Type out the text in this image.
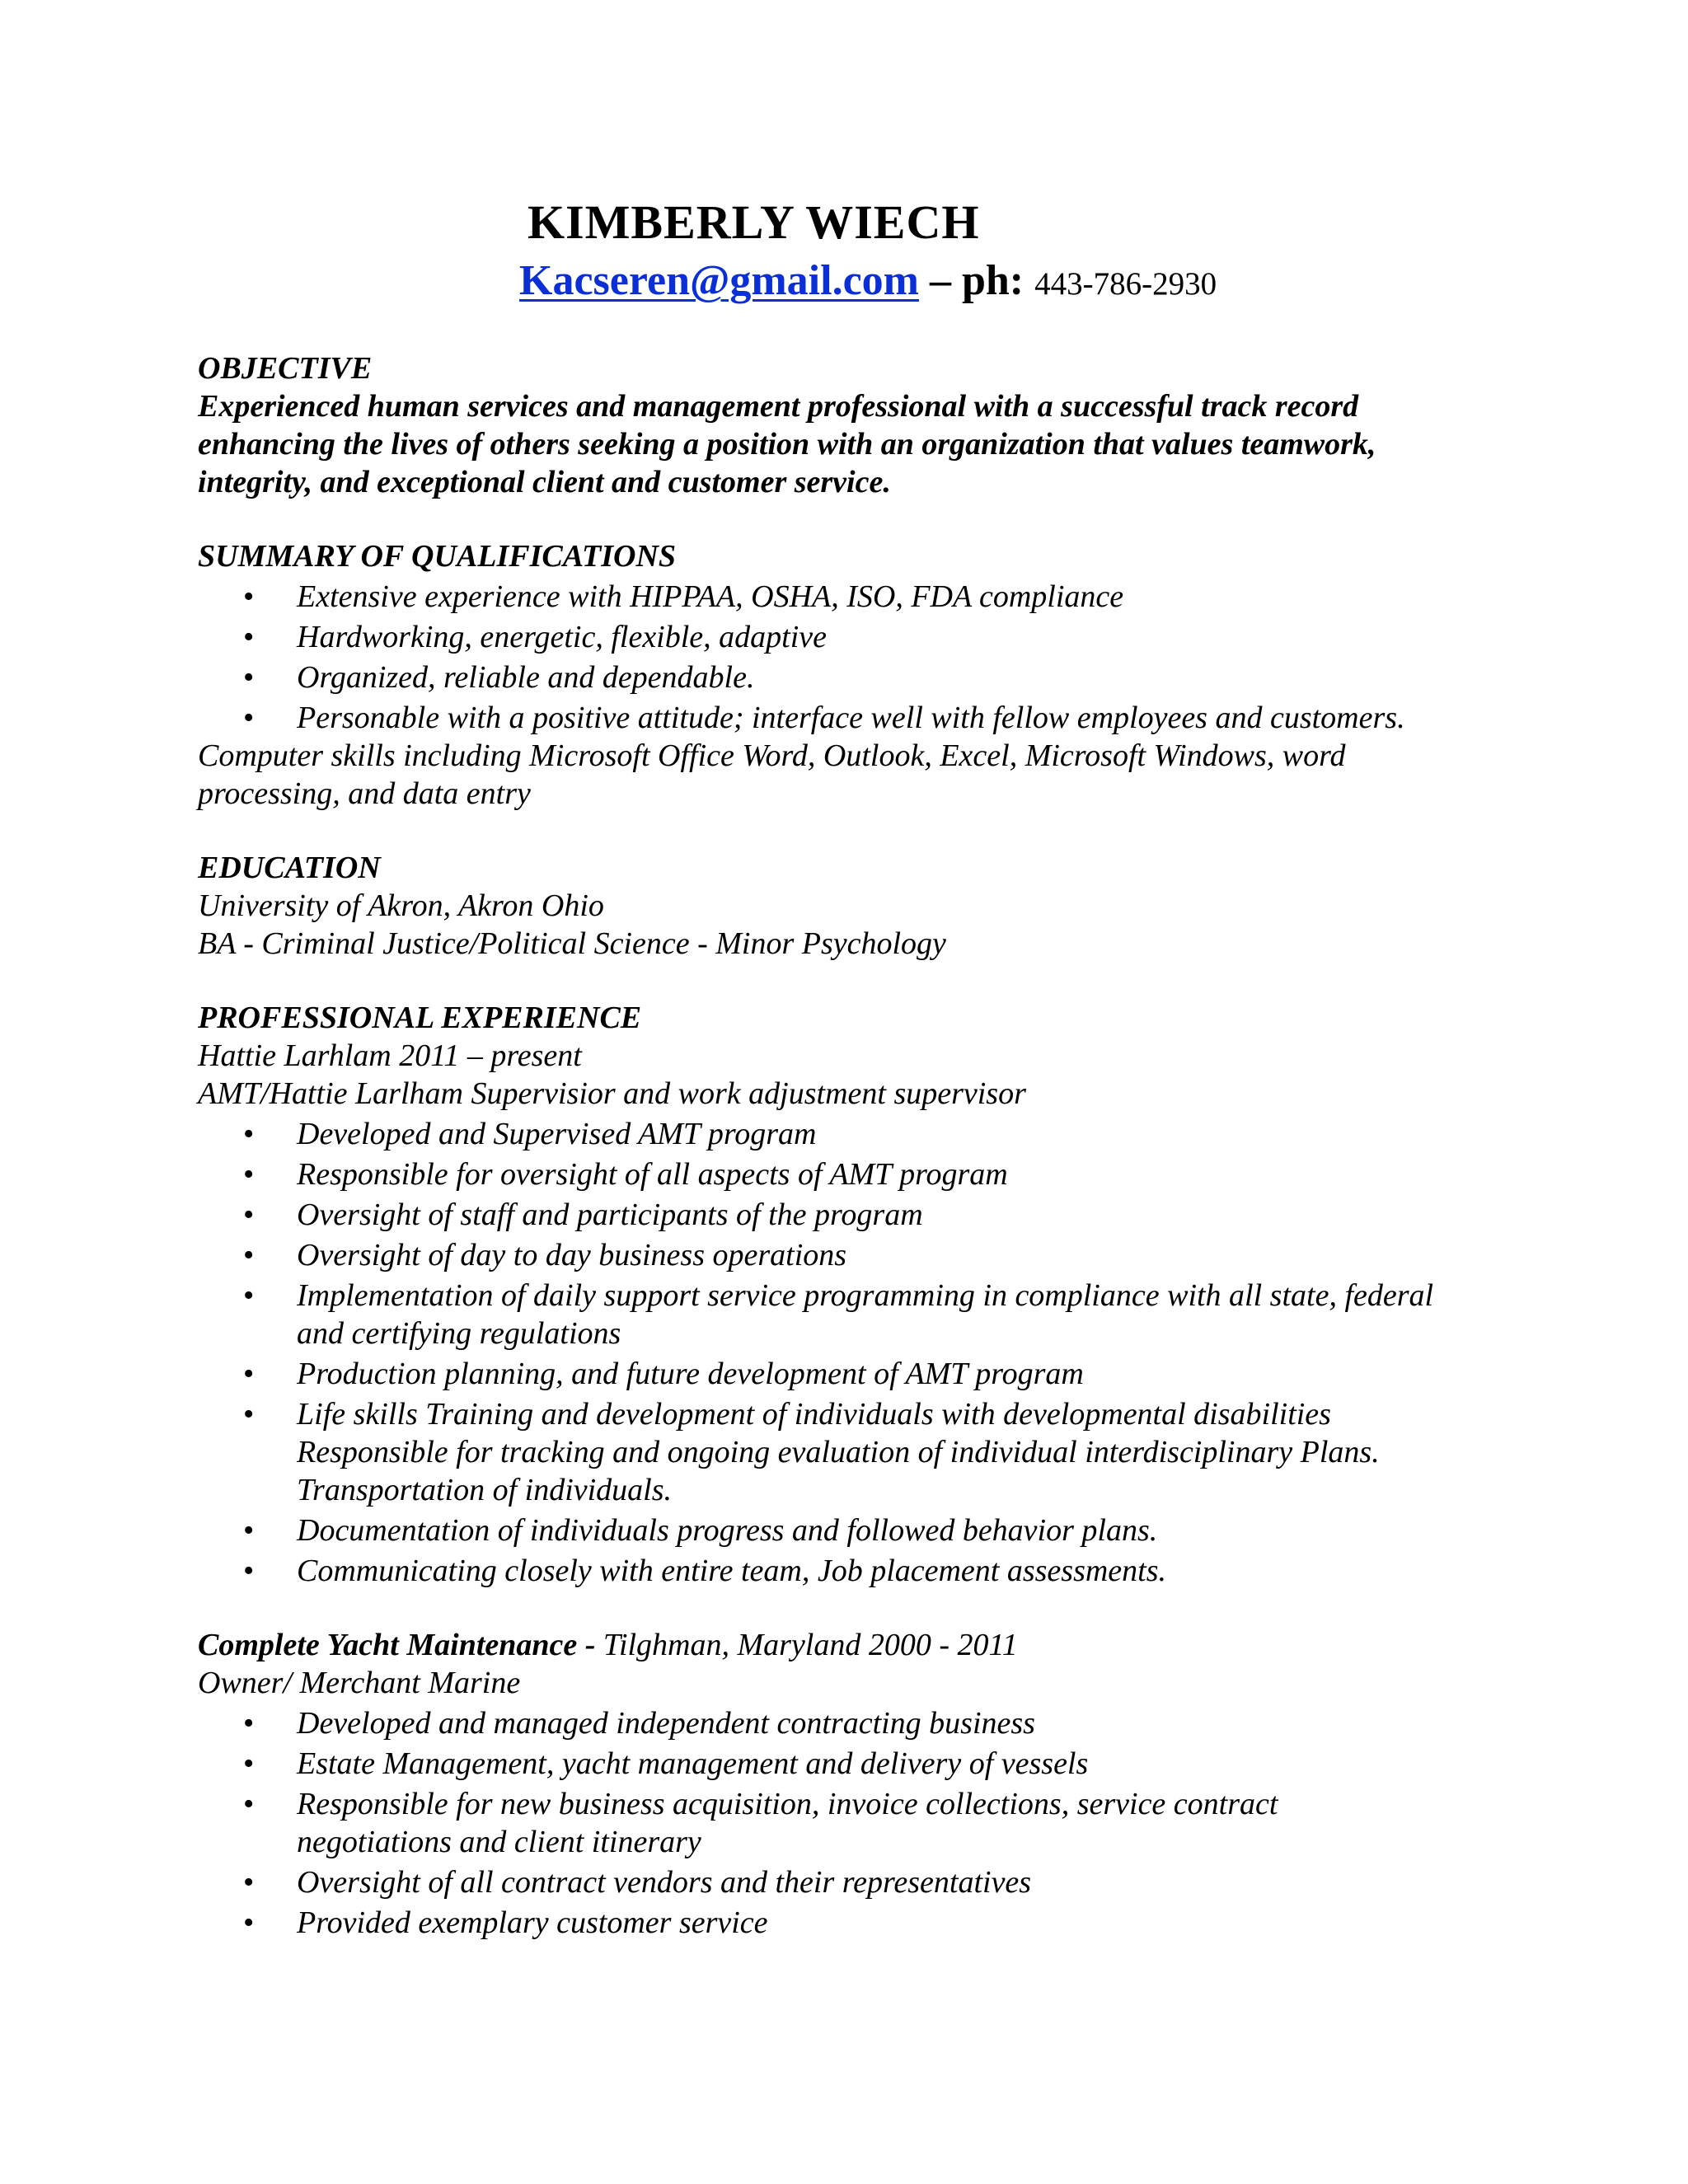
KIMBERLY WIECH
Kacseren@gmail.com – ph: 443-786-2930
OBJECTIVE
Experienced human services and management professional with a successful track record enhancing the lives of others seeking a position with an organization that values teamwork, integrity, and exceptional client and customer service.
SUMMARY OF QUALIFICATIONS
• Extensive experience with HIPPAA, OSHA, ISO, FDA compliance
• Hardworking, energetic, flexible, adaptive
• Organized, reliable and dependable.
• Personable with a positive attitude; interface well with fellow employees and customers.
Computer skills including Microsoft Office Word, Outlook, Excel, Microsoft Windows, word processing, and data entry
EDUCATION
University of Akron, Akron Ohio
BA - Criminal Justice/Political Science - Minor Psychology
PROFESSIONAL EXPERIENCE
Hattie Larhlam 2011 – present
AMT/Hattie Larlham Supervisior and work adjustment supervisor
• Developed and Supervised AMT program
• Responsible for oversight of all aspects of AMT program
• Oversight of staff and participants of the program
• Oversight of day to day business operations
• Implementation of daily support service programming in compliance with all state, federal and certifying regulations
• Production planning, and future development of AMT program
• Life skills Training and development of individuals with developmental disabilities Responsible for tracking and ongoing evaluation of individual interdisciplinary Plans. Transportation of individuals.
• Documentation of individuals progress and followed behavior plans.
• Communicating closely with entire team, Job placement assessments.
Complete Yacht Maintenance - Tilghman, Maryland 2000 - 2011
Owner/ Merchant Marine
• Developed and managed independent contracting business
• Estate Management, yacht management and delivery of vessels
• Responsible for new business acquisition, invoice collections, service contract negotiations and client itinerary
• Oversight of all contract vendors and their representatives
• Provided exemplary customer service
